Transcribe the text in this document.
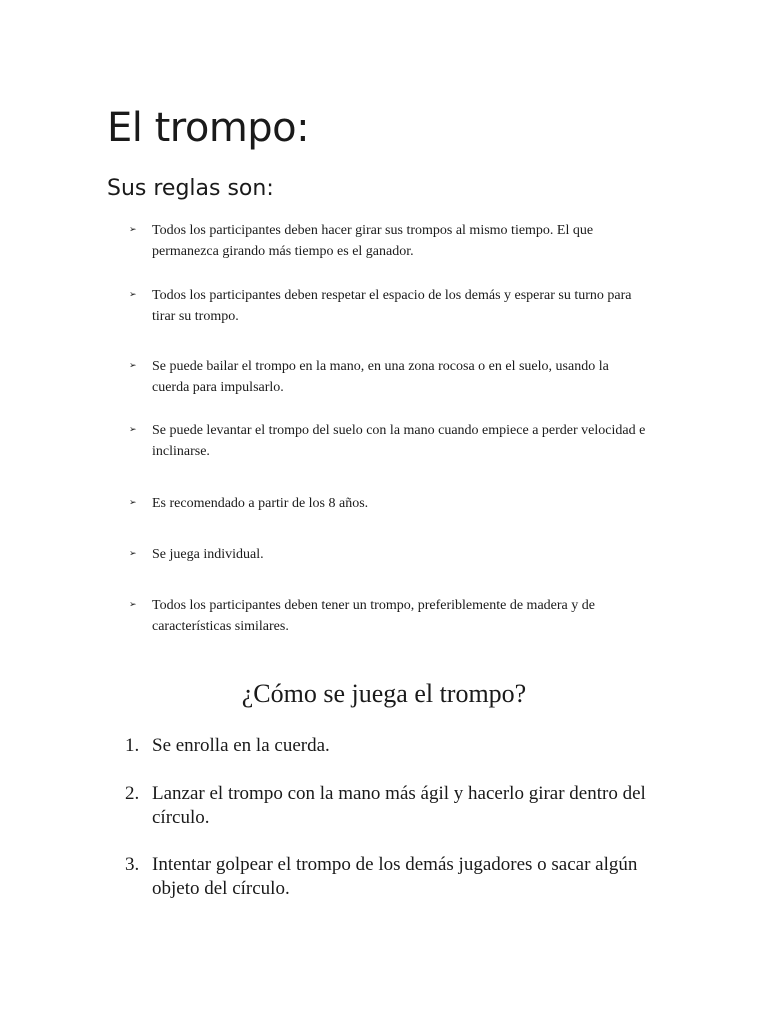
El trompo:
Sus reglas son:
➢	Todos los participantes deben hacer girar sus trompos al mismo tiempo. El que permanezca girando más tiempo es el ganador.
➢	Todos los participantes deben respetar el espacio de los demás y esperar su turno para tirar su trompo.
➢	Se puede bailar el trompo en la mano, en una zona rocosa o en el suelo, usando la cuerda para impulsarlo.
➢	Se puede levantar el trompo del suelo con la mano cuando empiece a perder velocidad e inclinarse.
➢	Es recomendado a partir de los 8 años.
➢	Se juega individual.
➢	Todos los participantes deben tener un trompo, preferiblemente de madera y de características similares.
¿Cómo se juega el trompo?
1. Se enrolla en la cuerda.
2. Lanzar el trompo con la mano más ágil y hacerlo girar dentro del círculo.
3. Intentar golpear el trompo de los demás jugadores o sacar algún objeto del círculo.
